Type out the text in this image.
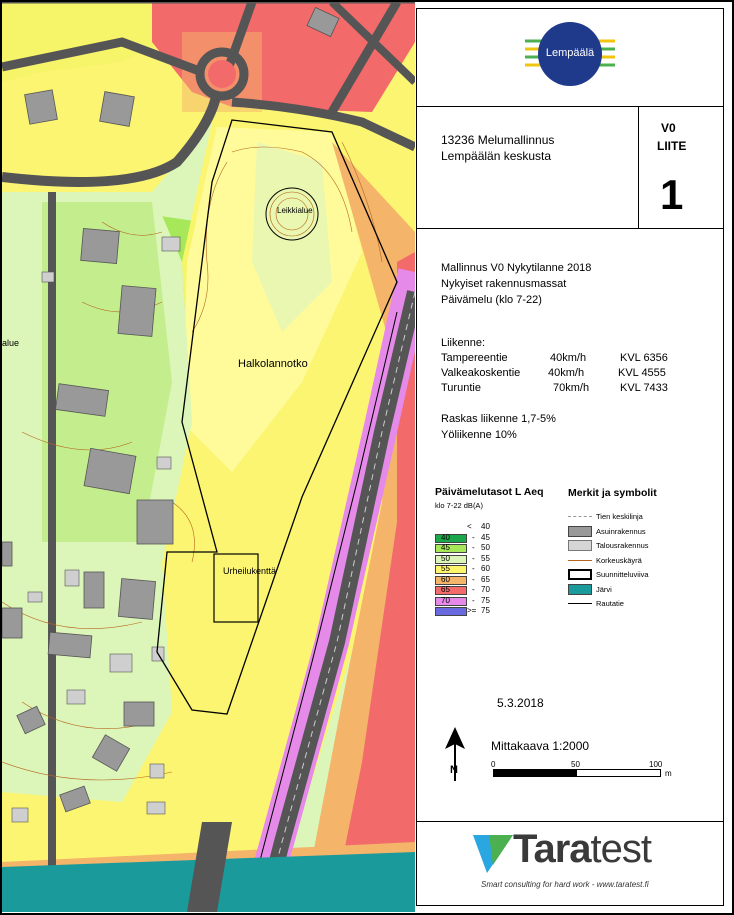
Leikkialue
Halkolannotko
Urheilukenttä
alue
Lempäälä
13236 Melumallinnus
Lempäälän keskusta
V0
LIITE
1
Mallinnus V0 Nykytilanne 2018
Nykyiset rakennusmassat
Päivämelu (klo 7-22)
Liikenne:
Tampereentie	40km/h	KVL 6356
Valkeakoskentie	40km/h	KVL 4555
Turuntie	70km/h	KVL 7433
Raskas liikenne 1,7-5%
Yöliikenne 10%
Päivämelutasot L Aeq
klo 7-22 dB(A)
< 40
40	- 45
45	- 50
50	- 55
55	- 60
60	- 65
65	- 70
70	- 75
>= 75
Merkit ja symbolit
Tien keskilinja
Asuinrakennus
Talousrakennus
Korkeuskäyrä
Suunnitteluviiva
Järvi
Rautatie
5.3.2018
N
Mittakaava 1:2000
0	50	100
m
Taratest
Smart consulting for hard work - www.taratest.fi
